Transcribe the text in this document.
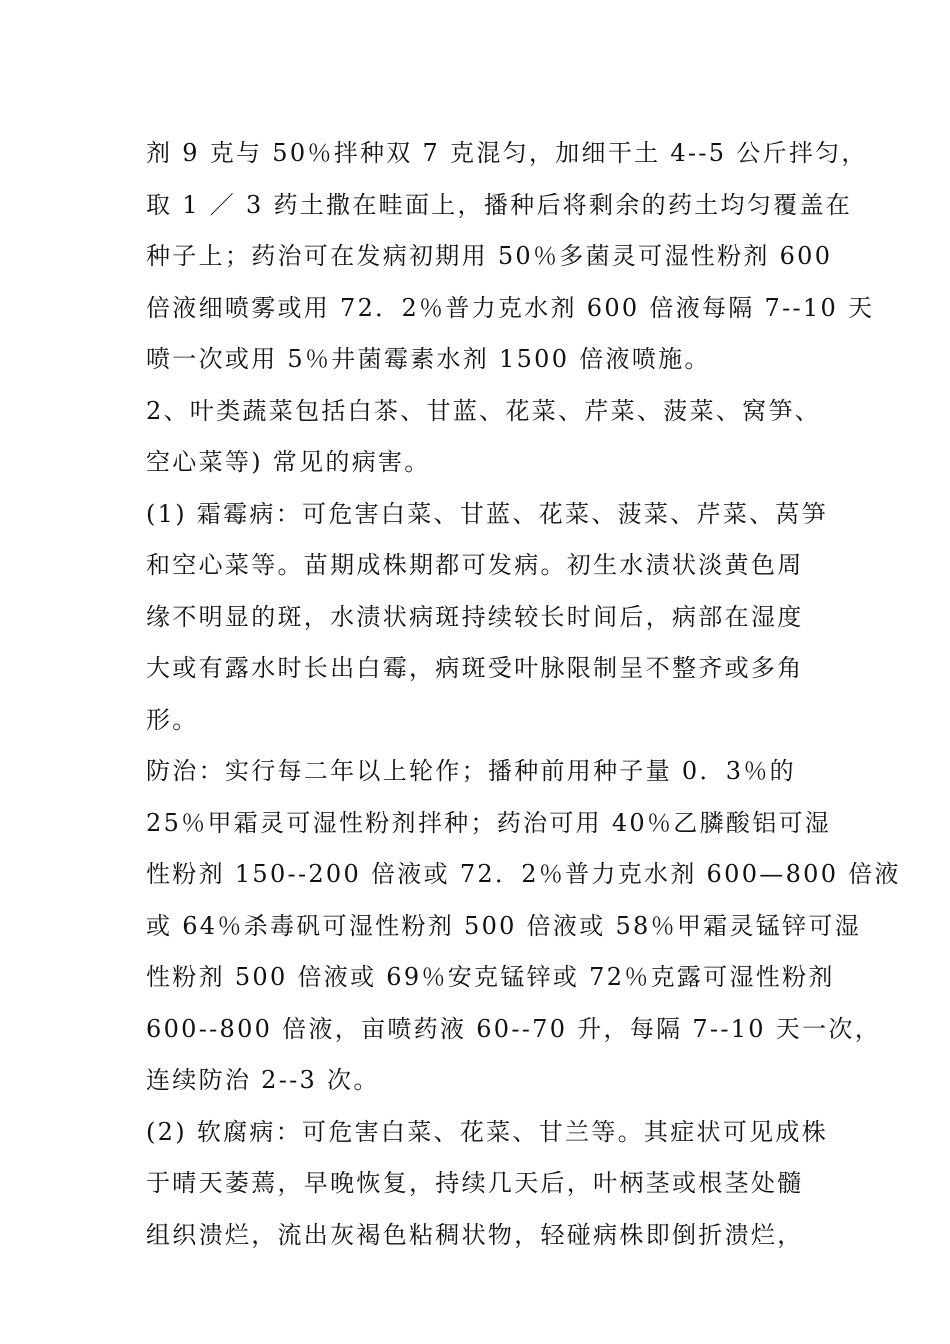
剂 9 克与 50％拌种双 7 克混匀，加细干土 4--5 公斤拌匀，
取 1 ／ 3 药土撒在畦面上，播种后将剩余的药土均匀覆盖在
种子上；药治可在发病初期用 50％多菌灵可湿性粉剂 600
倍液细喷雾或用 72．2％普力克水剂 600 倍液每隔 7--10 天
喷一次或用 5％井菌霉素水剂 1500 倍液喷施。
2、叶类蔬菜包括白茶、甘蓝、花菜、芹菜、菠菜、窝笋、
空心菜等) 常见的病害。
(1) 霜霉病：可危害白菜、甘蓝、花菜、菠菜、芹菜、莴笋
和空心菜等。苗期成株期都可发病。初生水渍状淡黄色周
缘不明显的斑，水渍状病斑持续较长时间后，病部在湿度
大或有露水时长出白霉，病斑受叶脉限制呈不整齐或多角
形。
防治：实行每二年以上轮作；播种前用种子量 0．3％的
25％甲霜灵可湿性粉剂拌种；药治可用 40％乙膦酸铝可湿
性粉剂 150--200 倍液或 72．2％普力克水剂 600—800 倍液
或 64％杀毒矾可湿性粉剂 500 倍液或 58％甲霜灵锰锌可湿
性粉剂 500 倍液或 69％安克锰锌或 72％克露可湿性粉剂
600--800 倍液，亩喷药液 60--70 升，每隔 7--10 天一次，
连续防治 2--3 次。
(2) 软腐病：可危害白菜、花菜、甘兰等。其症状可见成株
于晴天萎蔫，早晚恢复，持续几天后，叶柄茎或根茎处髓
组织溃烂，流出灰褐色粘稠状物，轻碰病株即倒折溃烂，
